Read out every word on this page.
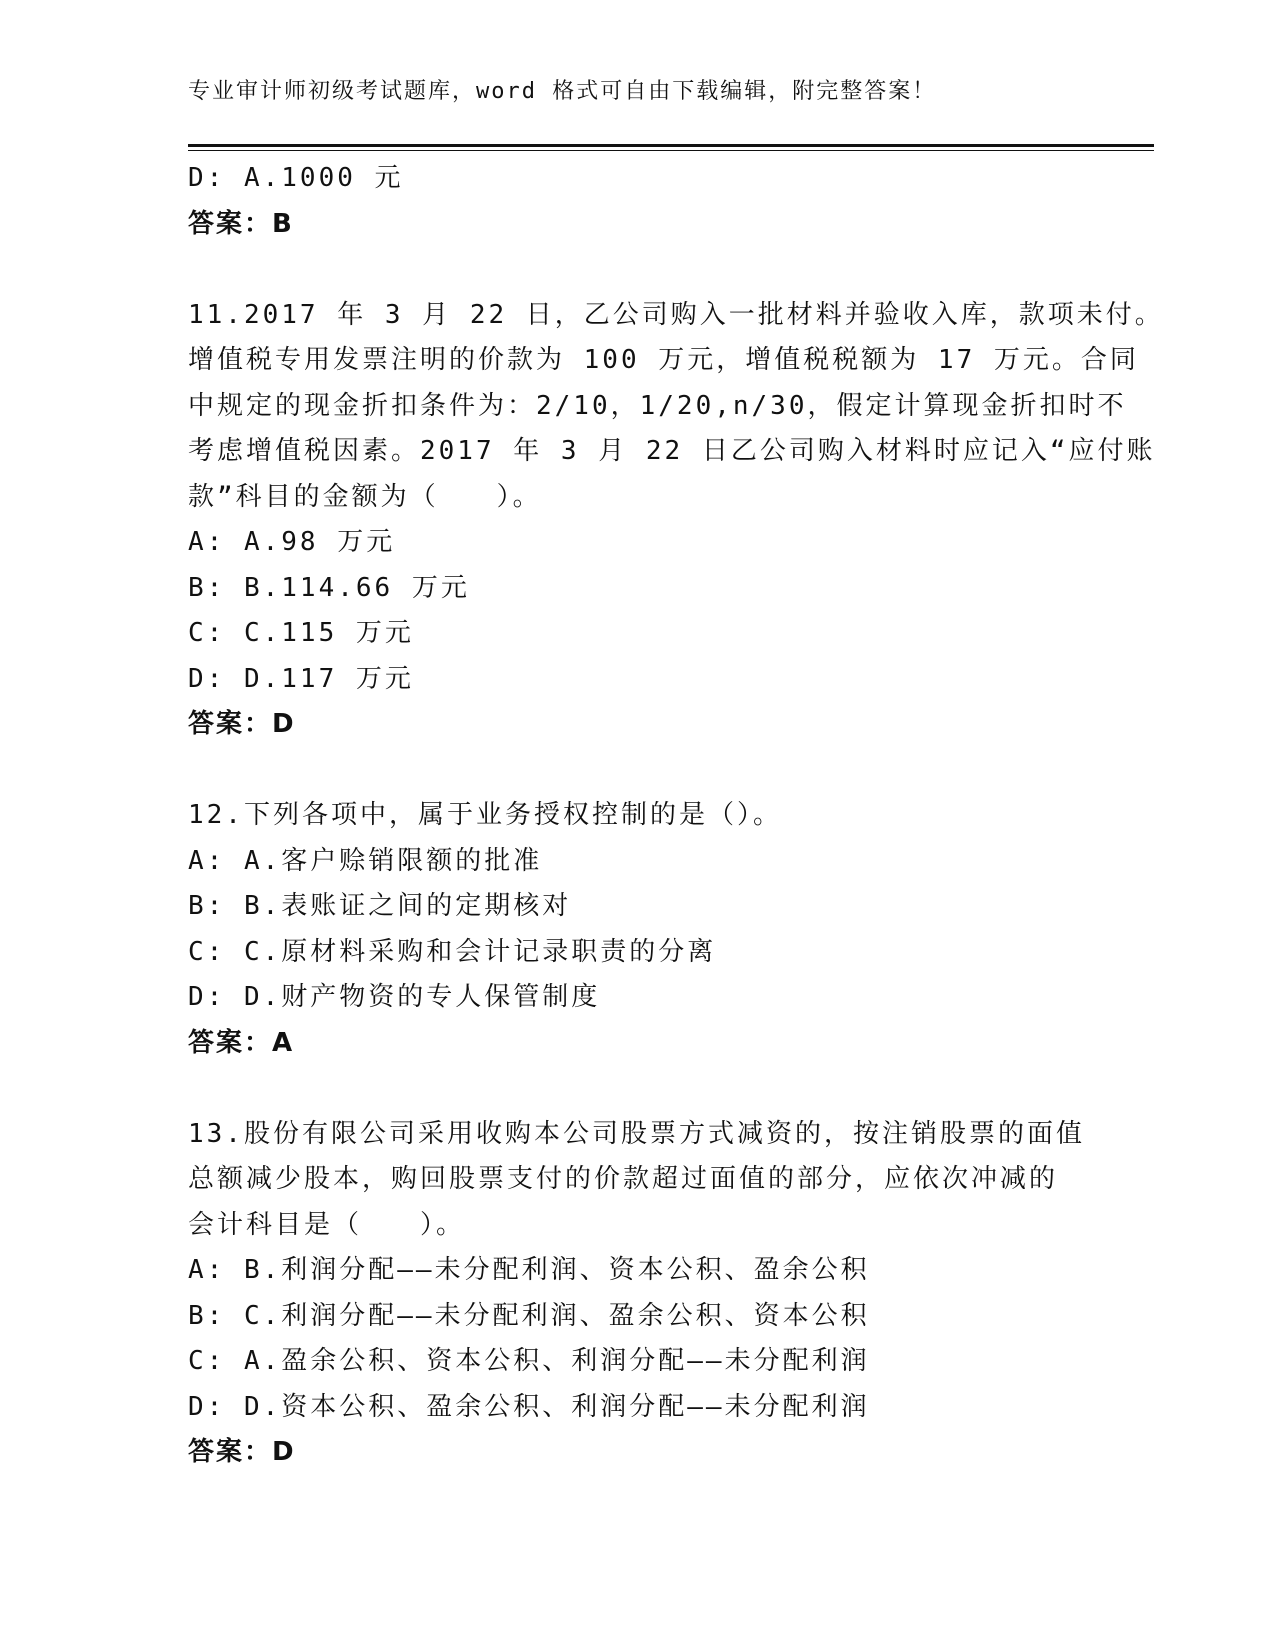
专业审计师初级考试题库，word 格式可自由下载编辑，附完整答案！
D: A.1000 元
答案：B
11.2017 年 3 月 22 日，乙公司购入一批材料并验收入库，款项未付。
增值税专用发票注明的价款为 100 万元，增值税税额为 17 万元。合同
中规定的现金折扣条件为：2/10，1/20,n/30，假定计算现金折扣时不
考虑增值税因素。2017 年 3 月 22 日乙公司购入材料时应记入“应付账
款”科目的金额为（　　）。
A: A.98 万元
B: B.114.66 万元
C: C.115 万元
D: D.117 万元
答案：D
12.下列各项中，属于业务授权控制的是（）。
A: A.客户赊销限额的批准
B: B.表账证之间的定期核对
C: C.原材料采购和会计记录职责的分离
D: D.财产物资的专人保管制度
答案：A
13.股份有限公司采用收购本公司股票方式减资的，按注销股票的面值
总额减少股本，购回股票支付的价款超过面值的部分，应依次冲减的
会计科目是（　　）。
A: B.利润分配——未分配利润、资本公积、盈余公积
B: C.利润分配——未分配利润、盈余公积、资本公积
C: A.盈余公积、资本公积、利润分配——未分配利润
D: D.资本公积、盈余公积、利润分配——未分配利润
答案：D
